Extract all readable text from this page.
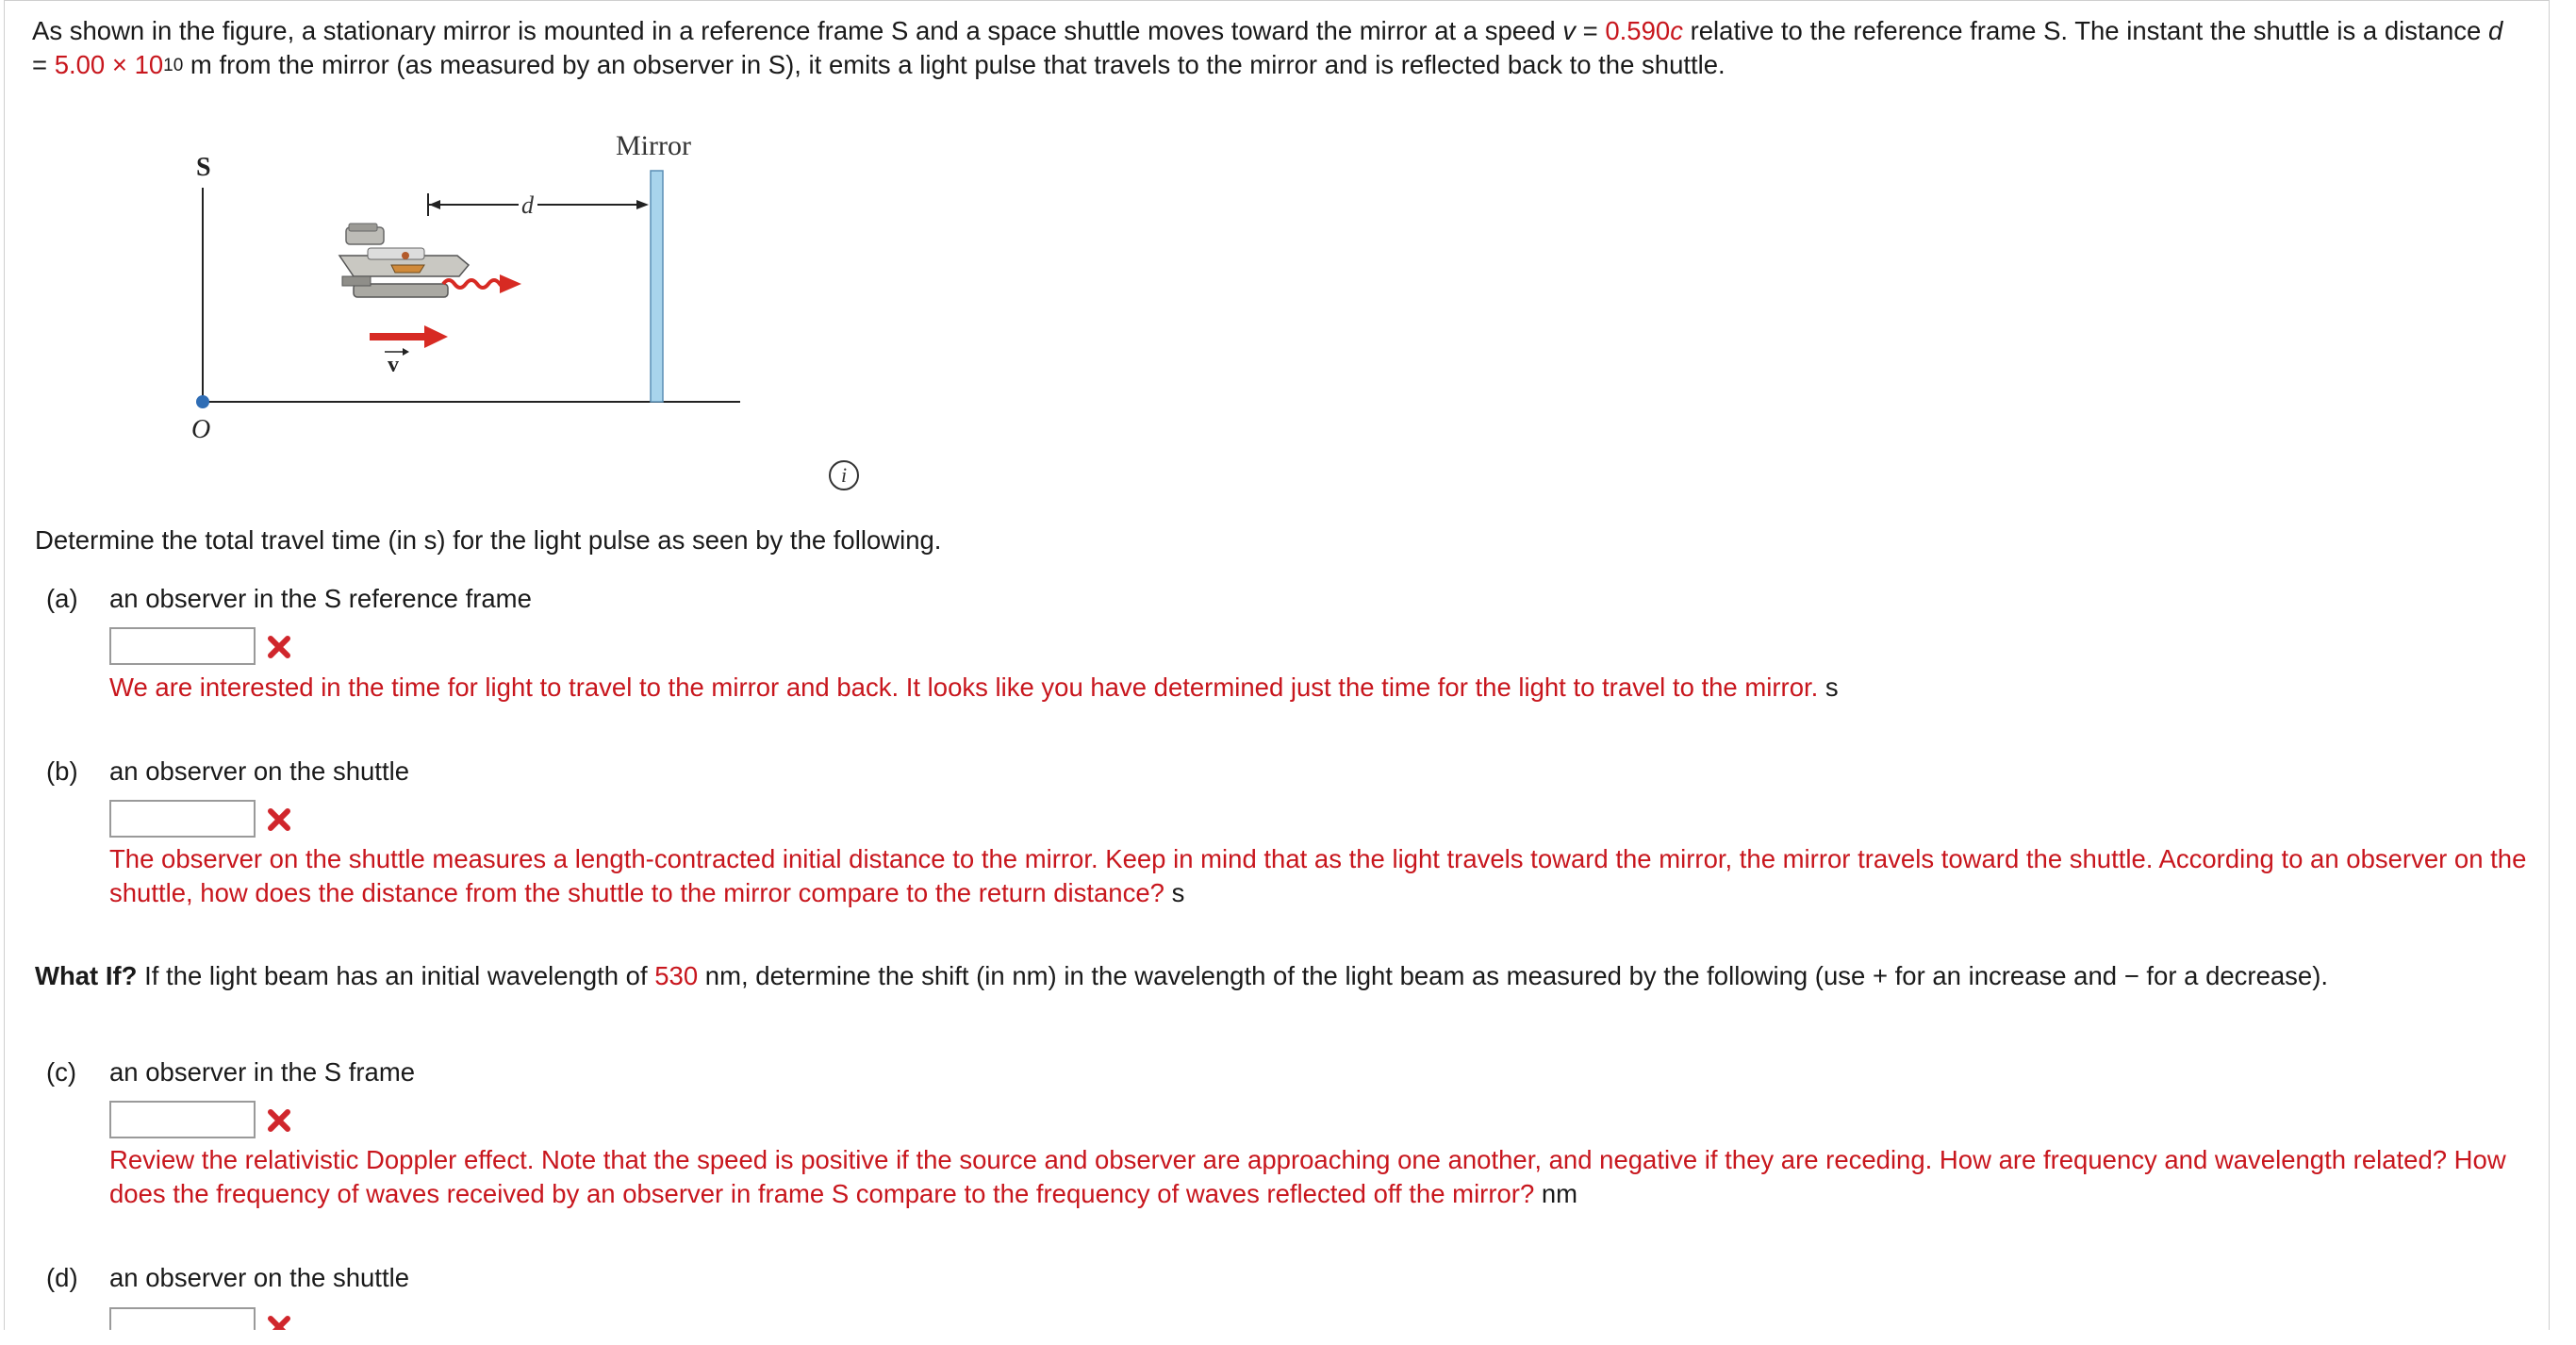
As shown in the figure, a stationary mirror is mounted in a reference frame S and a space shuttle moves toward the mirror at a speed v = 0.590c relative to the reference frame S. The instant the shuttle is a distance $d = 5.00 \times 10^{10}$ m from the mirror (as measured by an observer in S), it emits a light pulse that travels to the mirror and is reflected back to the shuttle.
S
O
Mirror
d
v
i
Determine the total travel time (in s) for the light pulse as seen by the following.
(a) an observer in the S reference frame
We are interested in the time for light to travel to the mirror and back. It looks like you have determined just the time for the light to travel to the mirror. s
(b) an observer on the shuttle
The observer on the shuttle measures a length-contracted initial distance to the mirror. Keep in mind that as the light travels toward the mirror, the mirror travels toward the shuttle. According to an observer on the shuttle, how does the distance from the shuttle to the mirror compare to the return distance? s
What If? If the light beam has an initial wavelength of 530 nm, determine the shift (in nm) in the wavelength of the light beam as measured by the following (use + for an increase and − for a decrease).
(c) an observer in the S frame
Review the relativistic Doppler effect. Note that the speed is positive if the source and observer are approaching one another, and negative if they are receding. How are frequency and wavelength related? How does the frequency of waves received by an observer in frame S compare to the frequency of waves reflected off the mirror? nm
(d) an observer on the shuttle
